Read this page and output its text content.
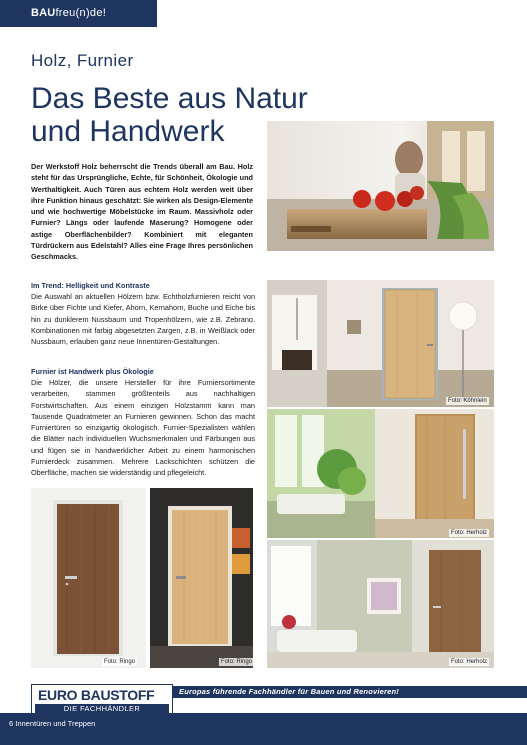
BAUfreu(n)de!
Holz, Furnier
Das Beste aus Natur
und Handwerk

Der Werkstoff Holz beherrscht die Trends überall am Bau. Holz steht für das Ursprüngliche, Echte, für Schönheit, Ökologie und Werthaltigkeit. Auch Türen aus echtem Holz werden weit über ihre Funktion hinaus geschätzt: Sie wirken als Design-Elemente und wie hochwertige Möbelstücke im Raum. Massivholz oder Furnier? Längs oder laufende Maserung? Homogene oder astige Oberflächenbilder? Kombiniert mit eleganten Türdrückern aus Edelstahl? Alles eine Frage Ihres persönlichen Geschmacks.

Im Trend: Helligkeit und Kontraste

Die Auswahl an aktuellen Hölzern bzw. Echtholzfurnieren reicht von Birke über Fichte und Kiefer, Ahorn, Kernahorn, Buche und Eiche bis hin zu dunklerem Nussbaum und Tropenhölzern, wie z.B. Zebrano. Kombinationen mit farbig abgesetzten Zargen, z.B. in Weißlack oder Nussbaum, erlauben ganz neue Innentüren-Gestaltungen.

Furnier ist Handwerk plus Ökologie

Die Hölzer, die unsere Hersteller für ihre Furniersortimente verarbeiten, stammen größtenteils aus nachhaltigen Forstwirtschaften. Aus einem einzigen Holzstamm kann man Tausende Quadratmeter an Furnieren gewinnen. Schon das macht Furniertüren so einzigartig ökologisch. Furnier-Spezialisten wählen die Blätter nach individuellen Wuchsmerkmalen und Färbungen aus und fügen sie in handwerklicher Arbeit zu einem harmonischen Furnierdeck zusammen. Mehrere Lackschichten schützen die Oberfläche, machen sie widerständig und pflegeleicht.

Foto: Köhnlein
Foto: Herholz
Foto: Ringo	Foto: Ringo	Foto: Herholz
EURO BAUSTOFF
DIE FACHHÄNDLER
Europas führende Fachhändler für Bauen und Renovieren!
6 Innentüren und Treppen
